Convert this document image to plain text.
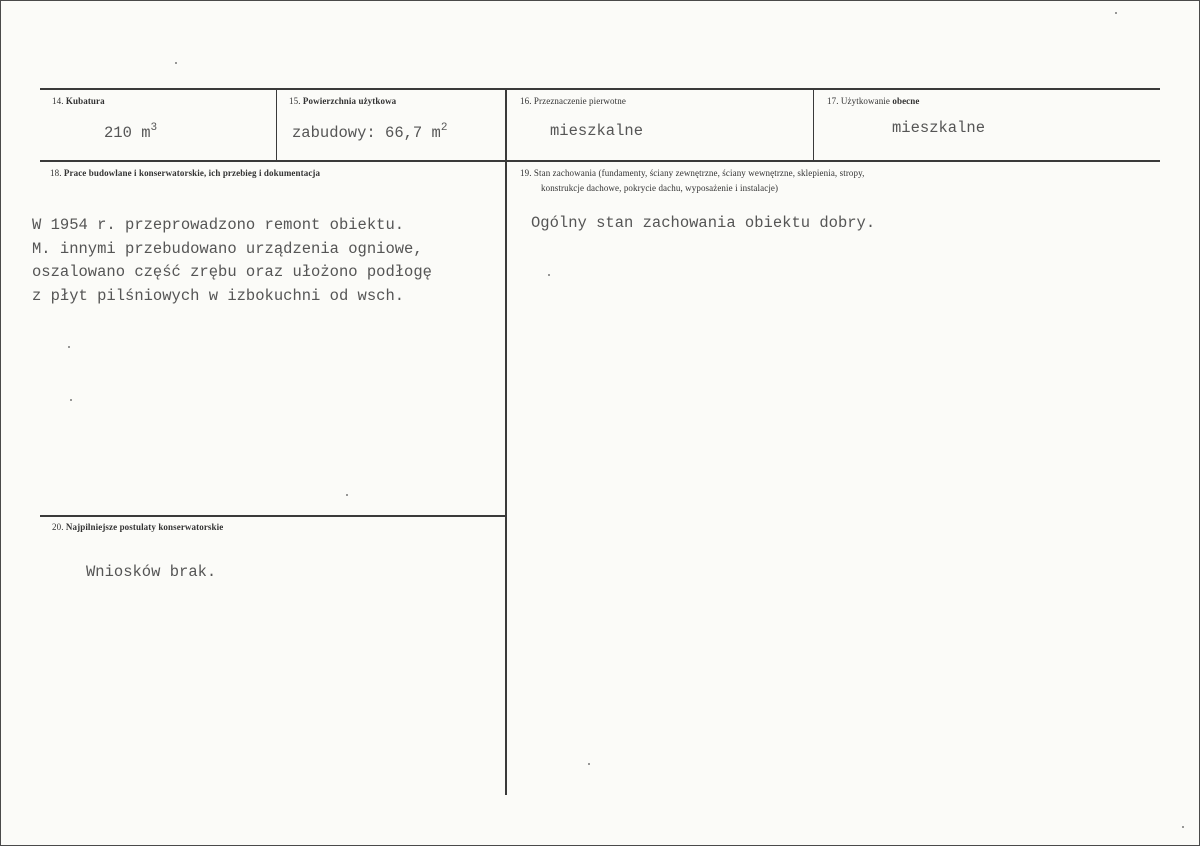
14. Kubatura
210 $m^3$
15. Powierzchnia użytkowa
zabudowy: 66,7 $m^2$
16. Przeznaczenie pierwotne
mieszkalne
17. Użytkowanie obecne
mieszkalne
18. Prace budowlane i konserwatorskie, ich przebieg i dokumentacja
W 1954 r. przeprowadzono remont obiektu.
M. innymi przebudowano urządzenia ogniowe,
oszalowano część zrębu oraz ułożono podłogę
z płyt pilśniowych w izbokuchni od wsch.
19. Stan zachowania (fundamenty, ściany zewnętrzne, ściany wewnętrzne, sklepienia, stropy,
konstrukcje dachowe, pokrycie dachu, wyposażenie i instalacje)
Ogólny stan zachowania obiektu dobry.
20. Najpilniejsze postulaty konserwatorskie
Wniosków brak.
